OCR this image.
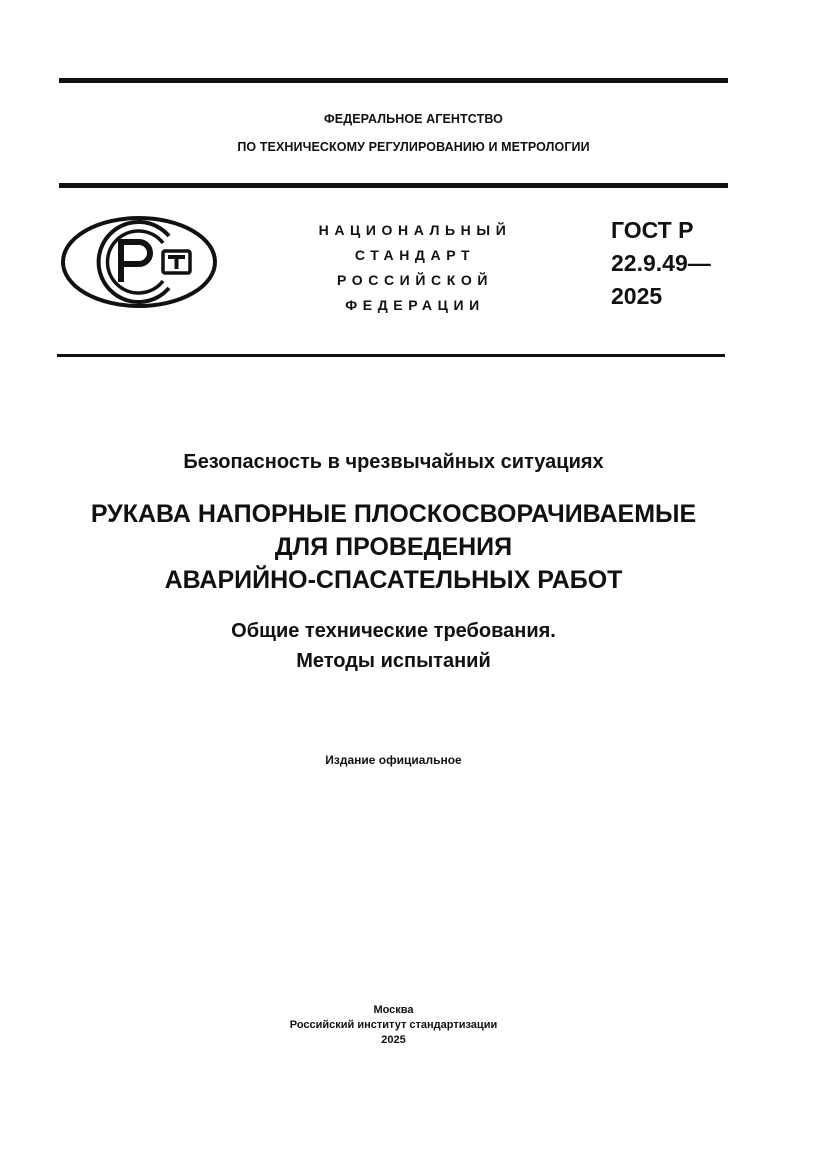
ФЕДЕРАЛЬНОЕ АГЕНТСТВО
ПО ТЕХНИЧЕСКОМУ РЕГУЛИРОВАНИЮ И МЕТРОЛОГИИ
НАЦИОНАЛЬНЫЙ
СТАНДАРТ
РОССИЙСКОЙ
ФЕДЕРАЦИИ
ГОСТ Р
22.9.49—
2025
Безопасность в чрезвычайных ситуациях
РУКАВА НАПОРНЫЕ ПЛОСКОСВОРАЧИВАЕМЫЕ
ДЛЯ ПРОВЕДЕНИЯ
АВАРИЙНО-СПАСАТЕЛЬНЫХ РАБОТ
Общие технические требования.
Методы испытаний
Издание официальное
Москва
Российский институт стандартизации
2025
